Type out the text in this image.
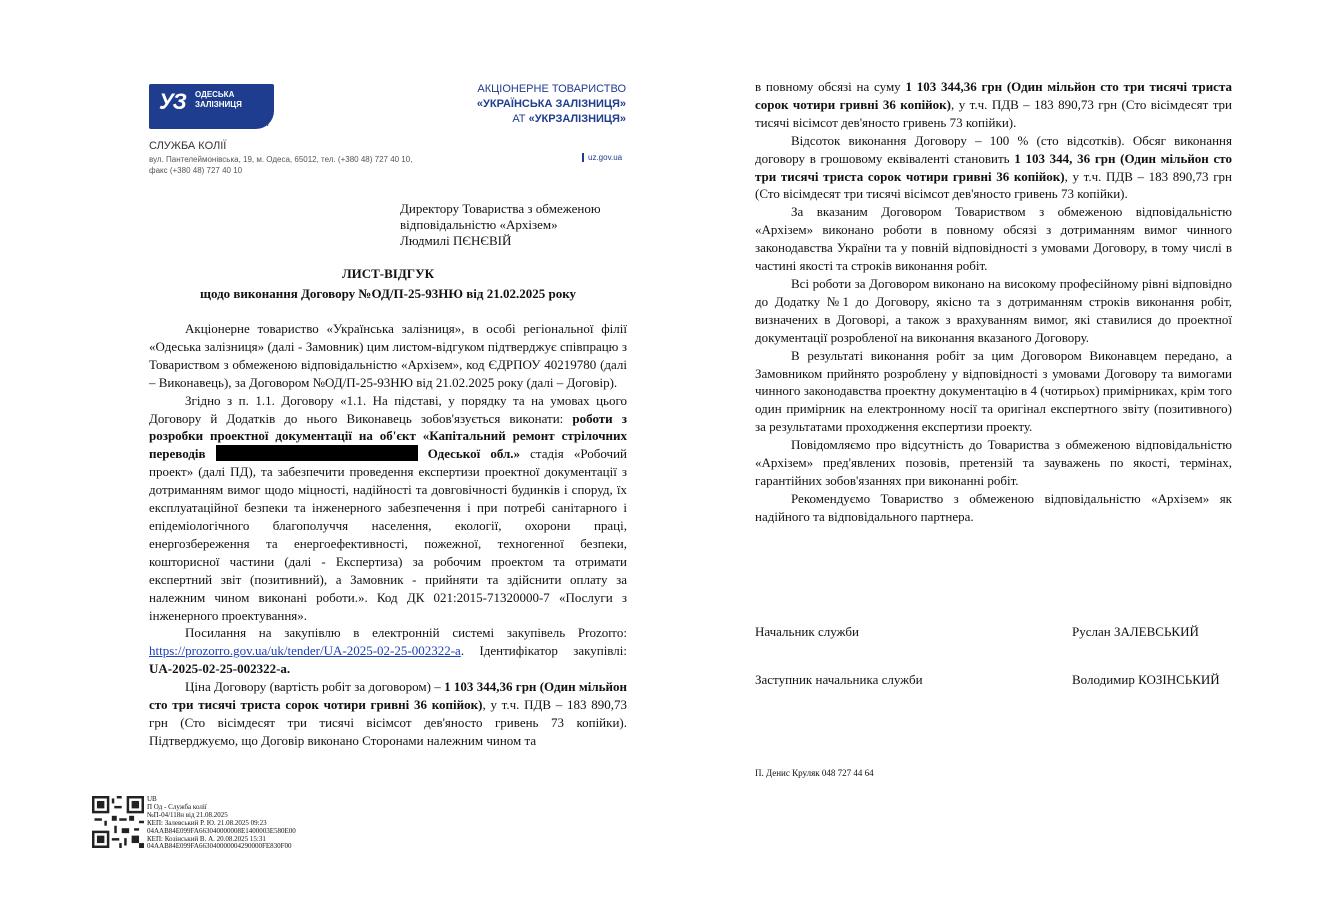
УЗ ОДЕСЬКА
ЗАЛІЗНИЦЯ
РЕГІОНАЛЬНА ФІЛІЯ
АКЦІОНЕРНЕ ТОВАРИСТВО
«УКРАЇНСЬКА ЗАЛІЗНИЦЯ»
АТ «УКРЗАЛІЗНИЦЯ»
СЛУЖБА КОЛІЇ
вул. Пантелеймонівська, 19, м. Одеса, 65012, тел. (+380 48) 727 40 10,
факс (+380 48) 727 40 10
uz.gov.ua
Директору Товариства з обмеженою
відповідальністю «Архізем»
Людмилі ПЄНЄВІЙ
ЛИСТ-ВІДГУК
щодо виконання Договору №ОД/П-25-93НЮ від 21.02.2025 року

Акціонерне товариство «Українська залізниця», в особі регіональної філії «Одеська залізниця» (далі - Замовник) цим листом-відгуком підтверджує співпрацю з Товариством з обмеженою відповідальністю «Архізем», код ЄДРПОУ 40219780 (далі – Виконавець), за Договором №ОД/П-25-93НЮ від 21.02.2025 року (далі – Договір).

Згідно з п. 1.1. Договору «1.1. На підставі, у порядку та на умовах цього Договору й Додатків до нього Виконавець зобов'язується виконати: роботи з розробки проектної документації на об'єкт «Капітальний ремонт стрілочних переводів	Одеської обл.» стадія «Робочий проект» (далі ПД), та забезпечити проведення експертизи проектної документації з дотриманням вимог щодо міцності, надійності та довговічності будинків і споруд, їх експлуатаційної безпеки та інженерного забезпечення і при потребі санітарного і епідеміологічного благополуччя населення, екології, охорони праці, енергозбереження та енергоефективності, пожежної, техногенної безпеки, кошторисної частини (далі - Експертиза) за робочим проектом та отримати експертний звіт (позитивний), а Замовник - прийняти та здійснити оплату за належним чином виконані роботи.». Код ДК 021:2015-71320000-7 «Послуги з інженерного проектування».

Посилання на закупівлю в електронній системі закупівель Prozorro: https://prozorro.gov.ua/uk/tender/UA-2025-02-25-002322-a. Ідентифікатор закупівлі: UA-2025-02-25-002322-a.

Ціна Договору (вартість робіт за договором) – 1 103 344,36 грн (Один мільйон сто три тисячі триста сорок чотири гривні 36 копійок), у т.ч. ПДВ – 183 890,73 грн (Сто вісімдесят три тисячі вісімсот дев'яносто гривень 73 копійки). Підтверджуємо, що Договір виконано Сторонами належним чином та

UB
П Од - Служба колії
№П-04/118н від 21.08.2025
КЕП: Залевський Р. Ю. 21.08.2025 09:23
04AAB84E099FA663040000008E1400003E580E00
КЕП: Козінський В. А. 20.08.2025 15:31
04AAB84E099FA663040000004290000FE830F00

в повному обсязі на суму 1 103 344,36 грн (Один мільйон сто три тисячі триста сорок чотири гривні 36 копійок), у т.ч. ПДВ – 183 890,73 грн (Сто вісімдесят три тисячі вісімсот дев'яносто гривень 73 копійки).

Відсоток виконання Договору – 100 % (сто відсотків). Обсяг виконання договору в грошовому еквіваленті становить 1 103 344, 36 грн (Один мільйон сто три тисячі триста сорок чотири гривні 36 копійок), у т.ч. ПДВ – 183 890,73 грн (Сто вісімдесят три тисячі вісімсот дев'яносто гривень 73 копійки).

За вказаним Договором Товариством з обмеженою відповідальністю «Архізем» виконано роботи в повному обсязі з дотриманням вимог чинного законодавства України та у повній відповідності з умовами Договору, в тому числі в частині якості та строків виконання робіт.

Всі роботи за Договором виконано на високому професійному рівні відповідно до Додатку №1 до Договору, якісно та з дотриманням строків виконання робіт, визначених в Договорі, а також з врахуванням вимог, які ставилися до проектної документації розробленої на виконання вказаного Договору.

В результаті виконання робіт за цим Договором Виконавцем передано, а Замовником прийнято розроблену у відповідності з умовами Договору та вимогами чинного законодавства проектну документацію в 4 (чотирьох) примірниках, крім того один примірник на електронному носії та оригінал експертного звіту (позитивного) за результатами проходження експертизи проекту.

Повідомляємо про відсутність до Товариства з обмеженою відповідальністю «Архізем» пред'явлених позовів, претензій та зауважень по якості, термінах, гарантійних зобов'язаннях при виконанні робіт.

Рекомендуємо Товариство з обмеженою відповідальністю «Архізем» як надійного та відповідального партнера.

Начальник служби	Руслан ЗАЛЕВСЬКИЙ
Заступник начальника служби	Володимир КОЗІНСЬКИЙ
П. Денис Круляк 048 727 44 64
